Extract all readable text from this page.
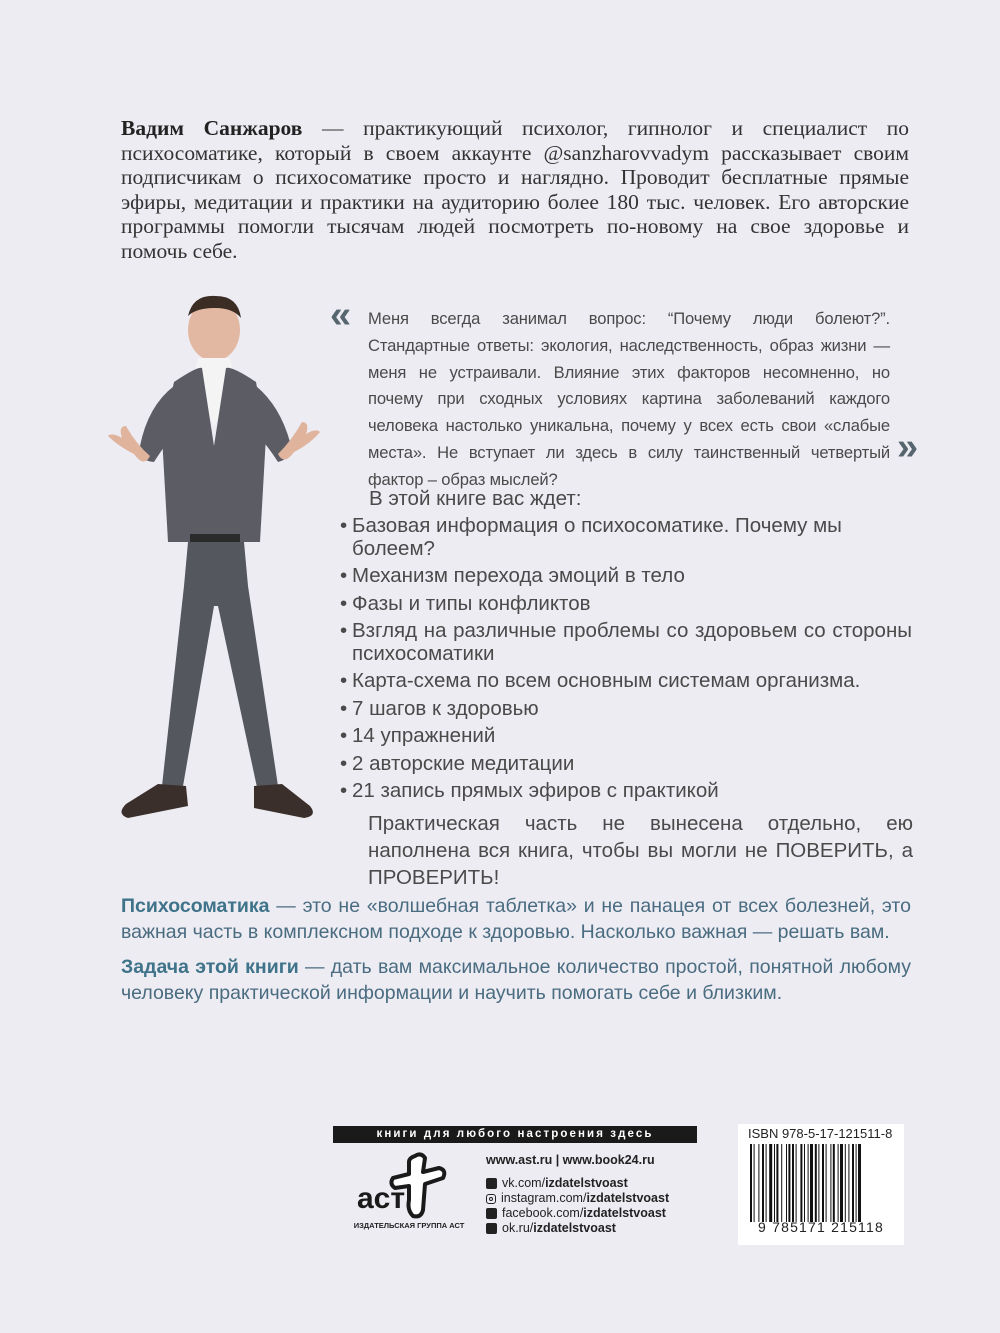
Вадим Санжаров — практикующий психолог, гипнолог и специалист по психосоматике, который в своем аккаунте @sanzharovvadym рассказывает своим подписчикам о психосоматике просто и наглядно. Проводит бесплатные прямые эфиры, медитации и практики на аудиторию более 180 тыс. человек. Его авторские программы помогли тысячам людей посмотреть по-новому на свое здоровье и помочь себе.
« Меня всегда занимал вопрос: “Почему люди болеют?”. Стандартные ответы: экология, наследственность, образ жизни — меня не устраивали. Влияние этих факторов несомненно, но почему при сходных условиях картина заболеваний каждого человека настолько уникальна, почему у всех есть свои «слабые места». Не вступает ли здесь в силу таинственный четвертый фактор – образ мыслей?
»
В этой книге вас ждет:
• Базовая информация о психосоматике. Почему мы болеем?
• Механизм перехода эмоций в тело
• Фазы и типы конфликтов
• Взгляд на различные проблемы со здоровьем со стороны психосоматики
• Карта-схема по всем основным системам организма.
• 7 шагов к здоровью
• 14 упражнений
• 2 авторские медитации
• 21 запись прямых эфиров с практикой
Практическая часть не вынесена отдельно, ею наполнена вся книга, чтобы вы могли не ПОВЕРИТЬ, а ПРОВЕРИТЬ!
Психосоматика — это не «волшебная таблетка» и не панацея от всех болезней, это важная часть в комплексном подходе к здоровью. Насколько важная — решать вам.
Задача этой книги — дать вам максимальное количество простой, понятной любому человеку практической информации и научить помогать себе и близким.
книги для любого настроения здесь
аст
ИЗДАТЕЛЬСКАЯ ГРУППА АСТ
www.ast.ru | www.book24.ru
vk.com/ izdatelstvoast
instagram.com/ izdatelstvoast
facebook.com/ izdatelstvoast
ok.ru/ izdatelstvoast
ISBN 978-5-17-121511-8
9 785171 215118
